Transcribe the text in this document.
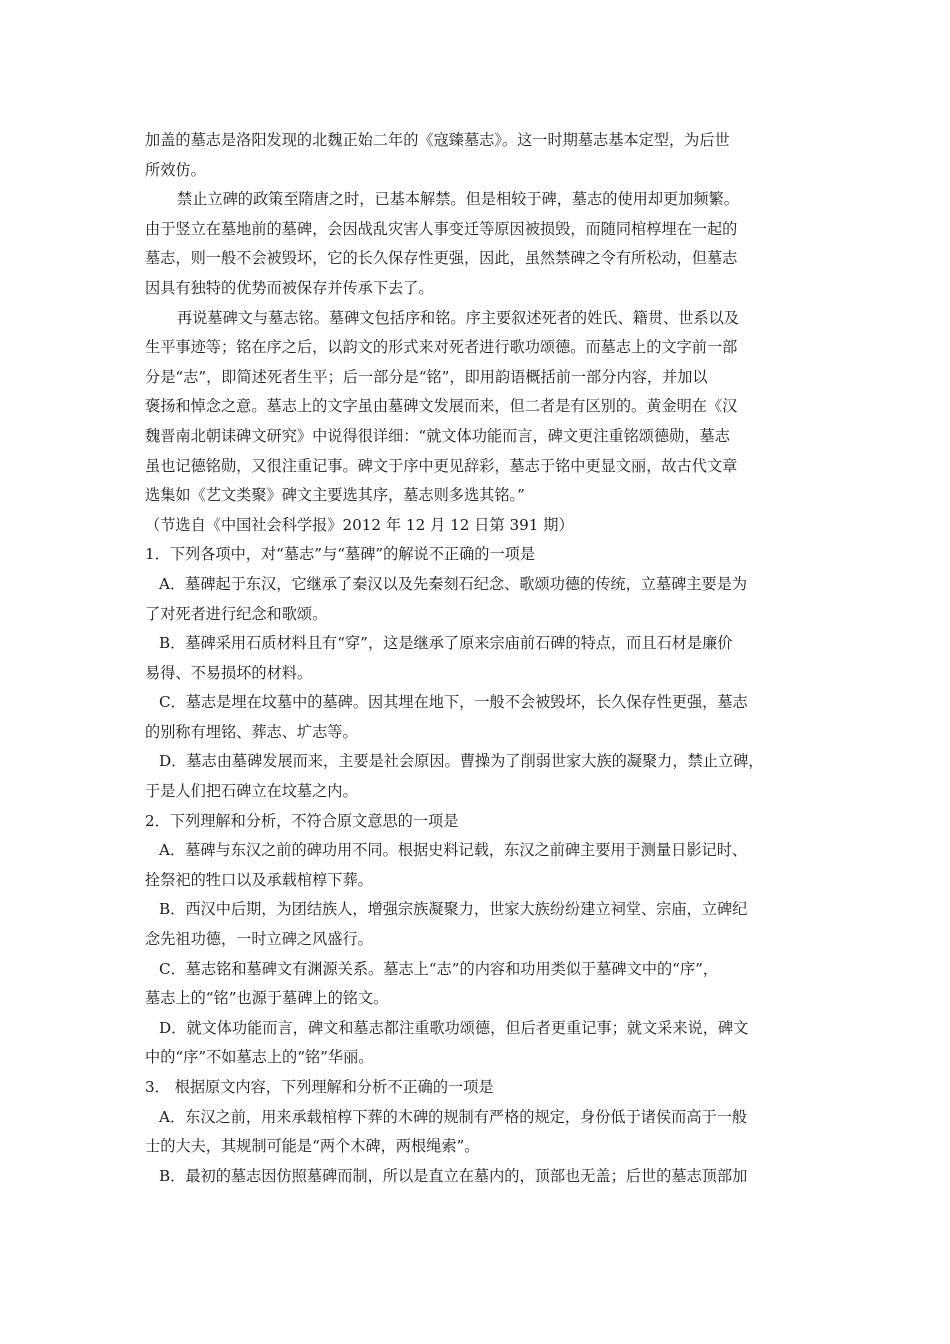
加盖的墓志是洛阳发现的北魏正始二年的《寇臻墓志》。这一时期墓志基本定型，为后世
所效仿。
禁止立碑的政策至隋唐之时，已基本解禁。但是相较于碑，墓志的使用却更加频繁。
由于竖立在墓地前的墓碑，会因战乱灾害人事变迁等原因被损毁，而随同棺椁埋在一起的
墓志，则一般不会被毁坏，它的长久保存性更强，因此，虽然禁碑之令有所松动，但墓志
因具有独特的优势而被保存并传承下去了。
再说墓碑文与墓志铭。墓碑文包括序和铭。序主要叙述死者的姓氏、籍贯、世系以及
生平事迹等；铭在序之后，以韵文的形式来对死者进行歌功颂德。而墓志上的文字前一部
分是“志”，即简述死者生平；后一部分是“铭”，即用韵语概括前一部分内容，并加以
褒扬和悼念之意。墓志上的文字虽由墓碑文发展而来，但二者是有区别的。黄金明在《汉
魏晋南北朝诔碑文研究》中说得很详细：“就文体功能而言，碑文更注重铭颂德勋，墓志
虽也记德铭勋，又很注重记事。碑文于序中更见辞彩，墓志于铭中更显文丽，故古代文章
选集如《艺文类聚》碑文主要选其序，墓志则多选其铭。”
（节选自《中国社会科学报》2012 年 12 月 12 日第 391 期）
1．下列各项中，对“墓志”与“墓碑”的解说不正确的一项是
A．墓碑起于东汉，它继承了秦汉以及先秦刻石纪念、歌颂功德的传统，立墓碑主要是为
了对死者进行纪念和歌颂。
B．墓碑采用石质材料且有“穿”，这是继承了原来宗庙前石碑的特点，而且石材是廉价
易得、不易损坏的材料。
C．墓志是埋在坟墓中的墓碑。因其埋在地下，一般不会被毁坏，长久保存性更强，墓志
的别称有埋铭、葬志、圹志等。
D．墓志由墓碑发展而来，主要是社会原因。曹操为了削弱世家大族的凝聚力，禁止立碑，
于是人们把石碑立在坟墓之内。
2．下列理解和分析，不符合原文意思的一项是
A．墓碑与东汉之前的碑功用不同。根据史料记载，东汉之前碑主要用于测量日影记时、
拴祭祀的牲口以及承载棺椁下葬。
B．西汉中后期，为团结族人，增强宗族凝聚力，世家大族纷纷建立祠堂、宗庙，立碑纪
念先祖功德，一时立碑之风盛行。
C．墓志铭和墓碑文有渊源关系。墓志上“志”的内容和功用类似于墓碑文中的“序”，
墓志上的“铭”也源于墓碑上的铭文。
D．就文体功能而言，碑文和墓志都注重歌功颂德，但后者更重记事；就文采来说，碑文
中的“序”不如墓志上的“铭”华丽。
3． 根据原文内容，下列理解和分析不正确的一项是
A．东汉之前，用来承载棺椁下葬的木碑的规制有严格的规定，身份低于诸侯而高于一般
士的大夫，其规制可能是“两个木碑，两根绳索”。
B．最初的墓志因仿照墓碑而制，所以是直立在墓内的，顶部也无盖；后世的墓志顶部加
